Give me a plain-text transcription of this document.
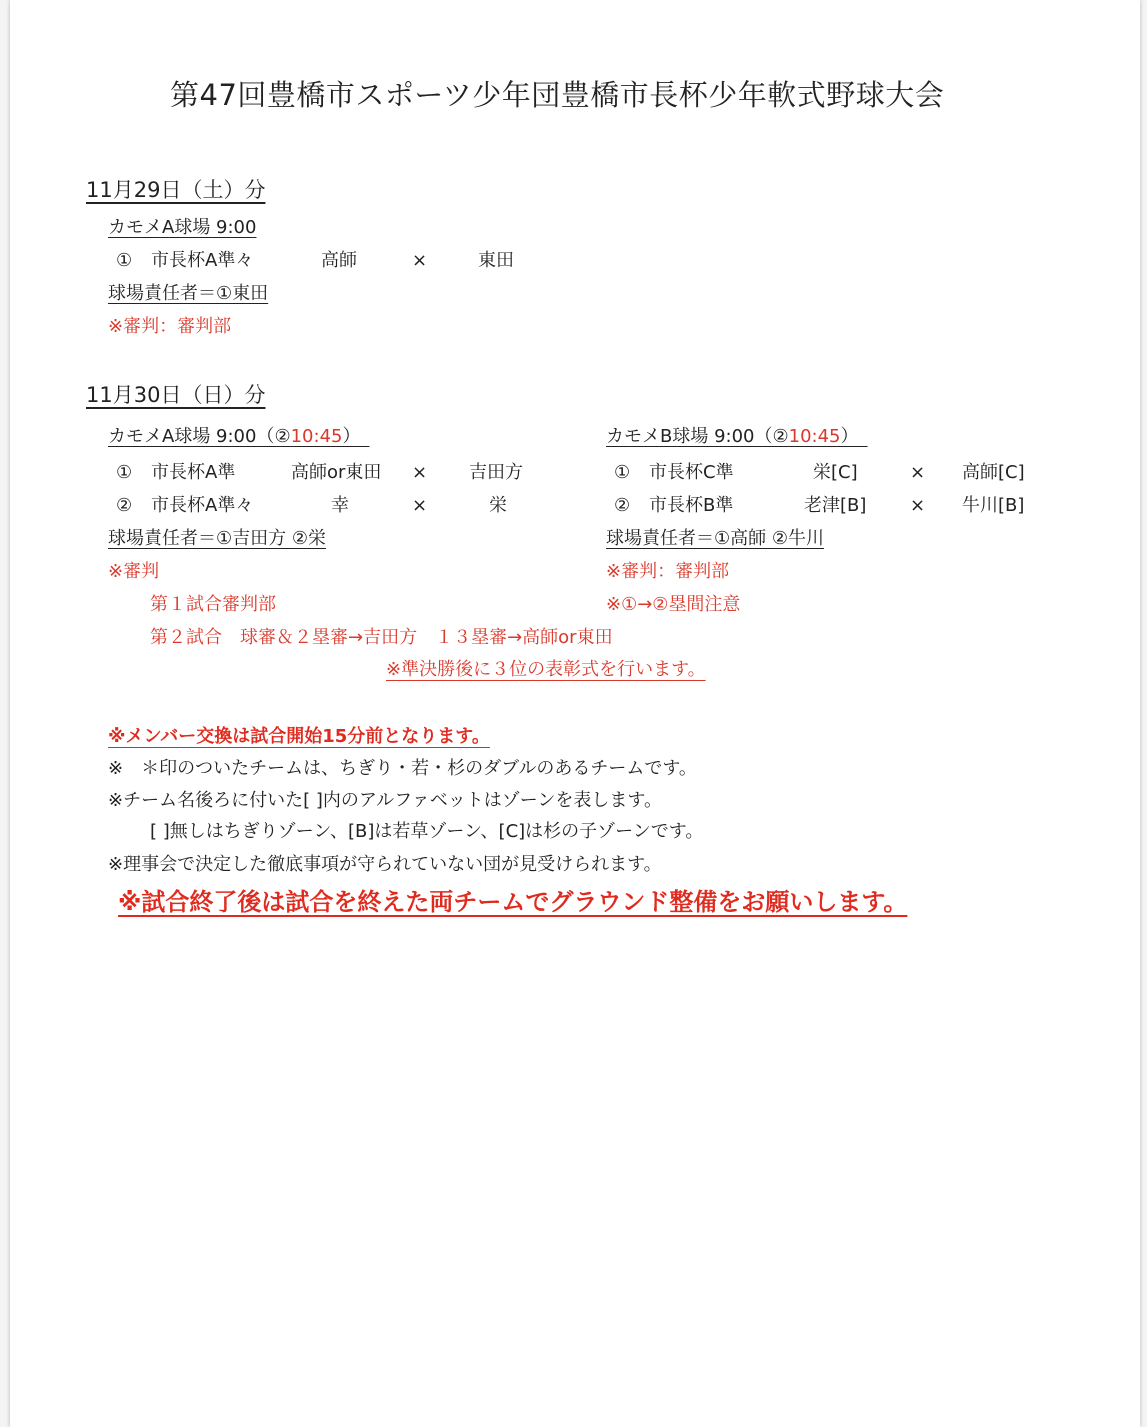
第47回豊橋市スポーツ少年団豊橋市長杯少年軟式野球大会
11月29日（土）分
カモメA球場 9:00
① 市長杯A準々	高師	×	東田
球場責任者＝①東田
※審判：審判部
11月30日（日）分
カモメA球場 9:00（②10:45）　
① 市長杯A準	高師or東田 × 吉田方
② 市長杯A準々	幸	×	栄
球場責任者＝①吉田方 ②栄
※審判
第１試合審判部
第２試合　球審＆２塁審→吉田方　１３塁審→高師or東田
カモメB球場 9:00（②10:45）　
① 市長杯C準	栄[C]	× 高師[C]
② 市長杯B準	老津[B] × 牛川[B]
球場責任者＝①高師 ②牛川
※審判：審判部
※①→②塁間注意
※準決勝後に３位の表彰式を行います。
※メンバー交換は試合開始15分前となります。
※　＊印のついたチームは、ちぎり・若・杉のダブルのあるチームです。
※チーム名後ろに付いた[ ]内のアルファベットはゾーンを表します。
[ ]無しはちぎりゾーン、[B]は若草ゾーン、[C]は杉の子ゾーンです。
※理事会で決定した徹底事項が守られていない団が見受けられます。
※試合終了後は試合を終えた両チームでグラウンド整備をお願いします。
